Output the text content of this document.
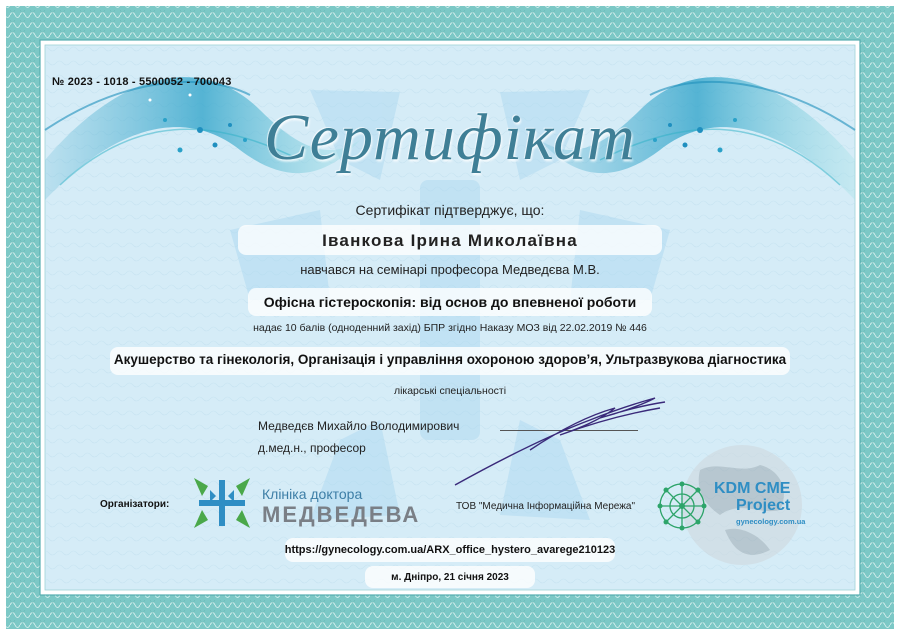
№ 2023 - 1018 - 5500052 - 700043
Сертифікат
Сертифікат підтверджує, що:
Іванкова Ірина Миколаївна
навчався на семінарі професора Медведєва М.В.
Офісна гістероскопія: від основ до впевненої роботи
надає 10 балів (одноденний захід) БПР згідно Наказу МОЗ від 22.02.2019 № 446
Акушерство та гінекологія, Організація і управління охороною здоров’я, Ультразвукова діагностика
лікарські спеціальності
Медведєв Михайло Володимирович
д.мед.н., професор
Організатори:
Клініка доктора
МЕДВЕДЕВА	ТОВ "Медична Інформаційна Мережа"
KDM CME
Project
gynecology.com.ua
https://gynecology.com.ua/ARX_office_hystero_avarege210123
м. Дніпро, 21 січня 2023
